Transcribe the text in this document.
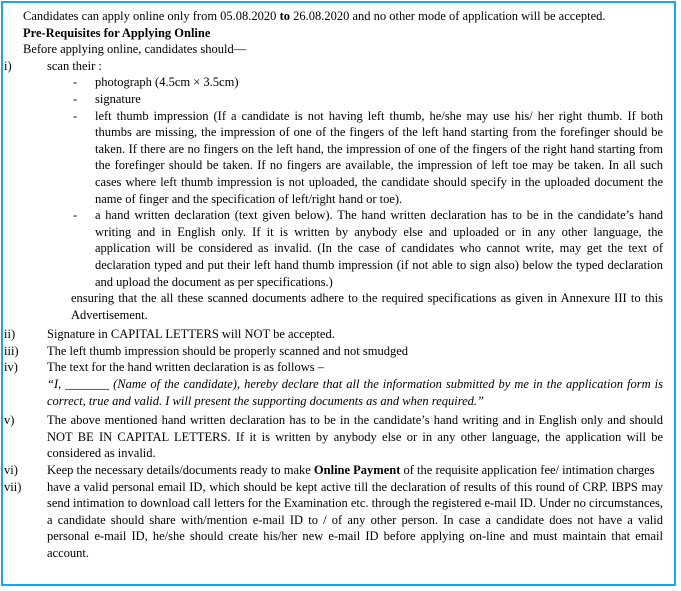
Candidates can apply online only from 05.08.2020 to 26.08.2020 and no other mode of application will be accepted.

Pre-Requisites for Applying Online

Before applying online, candidates should—

i)	scan their :
- photograph (4.5cm × 3.5cm)
- signature
- left thumb impression (If a candidate is not having left thumb, he/she may use his/ her right thumb. If both thumbs are missing, the impression of one of the fingers of the left hand starting from the forefinger should be taken. If there are no fingers on the left hand, the impression of one of the fingers of the right hand starting from the forefinger should be taken. If no fingers are available, the impression of left toe may be taken. In all such cases where left thumb impression is not uploaded, the candidate should specify in the uploaded document the name of finger and the specification of left/right hand or toe).
- a hand written declaration (text given below). The hand written declaration has to be in the candidate’s hand writing and in English only. If it is written by anybody else and uploaded or in any other language, the application will be considered as invalid. (In the case of candidates who cannot write, may get the text of declaration typed and put their left hand thumb impression (if not able to sign also) below the typed declaration and upload the document as per specifications.)

ensuring that the all these scanned documents adhere to the required specifications as given in Annexure III to this Advertisement.

ii)	Signature in CAPITAL LETTERS will NOT be accepted.
iii)	The left thumb impression should be properly scanned and not smudged
iv)	The text for the hand written declaration is as follows –
“I, _______ (Name of the candidate), hereby declare that all the information submitted by me in the application form is correct, true and valid. I will present the supporting documents as and when required.”
v)	The above mentioned hand written declaration has to be in the candidate’s hand writing and in English only and should NOT BE IN CAPITAL LETTERS. If it is written by anybody else or in any other language, the application will be considered as invalid.
vi)	Keep the necessary details/documents ready to make Online Payment of the requisite application fee/ intimation charges
vii) have a valid personal email ID, which should be kept active till the declaration of results of this round of CRP. IBPS may send intimation to download call letters for the Examination etc. through the registered e-mail ID. Under no circumstances, a candidate should share with/mention e-mail ID to / of any other person. In case a candidate does not have a valid personal e-mail ID, he/she should create his/her new e-mail ID before applying on-line and must maintain that email account.
